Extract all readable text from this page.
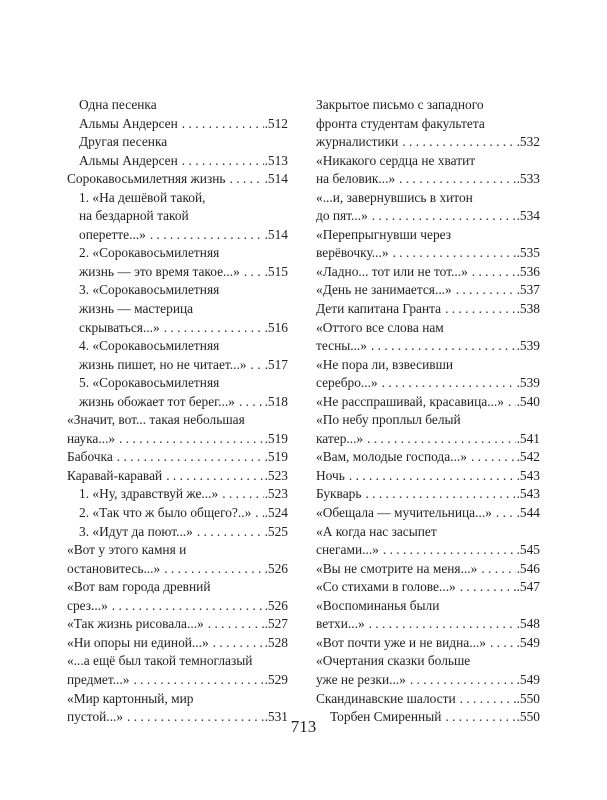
Одна песенка
Альмы Андерсен . . .	.512
Другая песенка
Альмы Андерсен . . .	.513
Сорокавосьмилетняя жизнь . . .	.514
1. «На дешёвой такой,
на бездарной такой
оперетте...» . . .	.514
2. «Сорокавосьмилетняя
жизнь — это время такое...» . . . .515
3. «Сорокавосьмилетняя
жизнь — мастерица
скрываться...» . . .	.516
4. «Сорокавосьмилетняя
жизнь пишет, но не читает...» . . . .517
5. «Сорокавосьмилетняя
жизнь обожает тот берег...» . . . .518
«Значит, вот... такая небольшая
наука...» . . .	.519
Бабочка . . .	.519
Каравай-каравай . . .	.523
1. «Ну, здравствуй же...» . . .	.523
2. «Так что ж было общего?..» . . . .524
3. «Идут да поют...» . . .	.525
«Вот у этого камня и
остановитесь...» . . .	.526
«Вот вам города древний
срез...» . . .	.526
«Так жизнь рисовала...» . . .	.527
«Ни опоры ни единой...» . . .	.528
«...а ещё был такой темноглазый
предмет...» . . .	.529
«Мир картонный, мир
пустой...» . . .	.531
Закрытое письмо с западного
фронта студентам факультета
журналистики . . .	.532
«Никакого сердца не хватит
на беловик...» . . .	.533
«...и, завернувшись в хитон
до пят...» . . .	.534
«Перепрыгнувши через
верёвочку...» . . .	.535
«Ладно... тот или не тот...» . . .	.536
«День не занимается...» . . .	.537
Дети капитана Гранта . . .	.538
«Оттого все слова нам
тесны...» . . .	.539
«Не пора ли, взвесивши
серебро...» . . .	.539
«Не расспрашивай, красавица...» . . . .540
«По небу проплыл белый
катер...» . . .	.541
«Вам, молодые господа...» . . .	.542
Ночь . . .	.543
Букварь . . .	.543
«Обещала — мучительница...» . . . .544
«А когда нас засыпет
снегами...» . . .	.545
«Вы не смотрите на меня...» . . .	.546
«Со стихами в голове...» . . .	.547
«Воспоминанья были
ветхи...» . . .	.548
«Вот почти уже и не видна...» . . . .549
«Очертания сказки больше
уже не резки...» . . .	.549
Скандинавские шалости . . .	.550
Торбен Смиренный . . .	.550
713
